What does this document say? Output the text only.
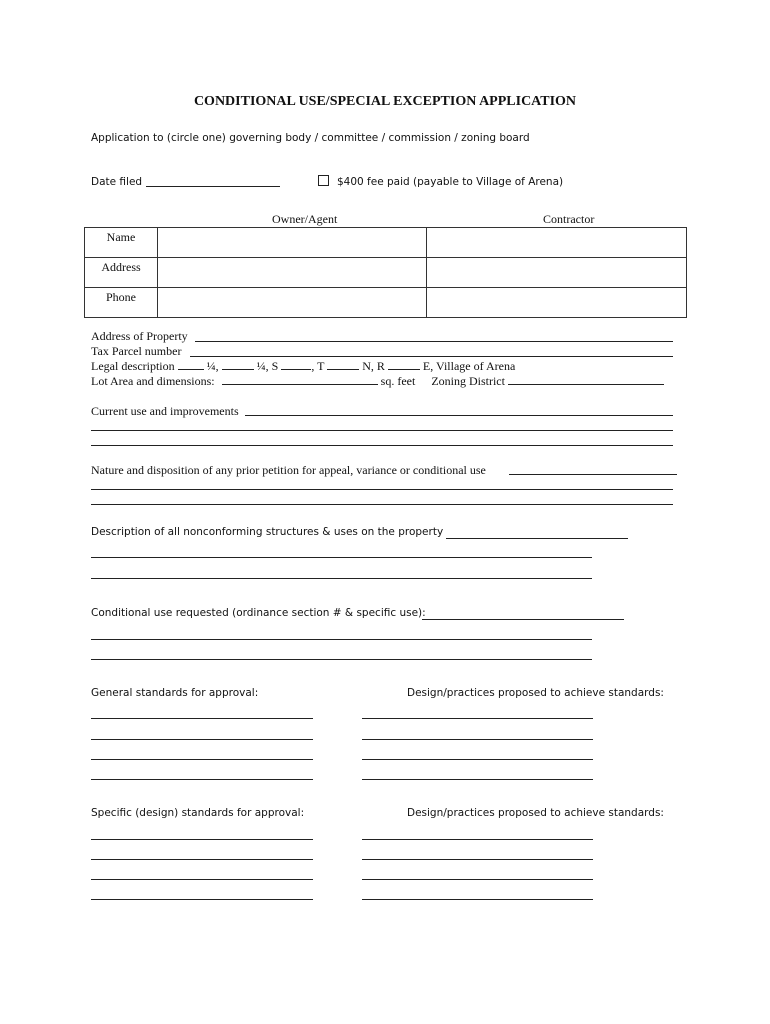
CONDITIONAL USE/SPECIAL EXCEPTION APPLICATION
Application to (circle one) governing body / committee / commission / zoning board
Date filed	$400 fee paid (payable to Village of Arena)
Owner/Agent	Contractor
Name		
Address		
Phone		
Address of Property
Tax Parcel number
Legal description	¼,	¼, S	, T	N, R	E, Village of Arena
Lot Area and dimensions:	sq. feet Zoning District
Current use and improvements
Nature and disposition of any prior petition for appeal, variance or conditional use
Description of all nonconforming structures & uses on the property
Conditional use requested (ordinance section # & specific use):
General standards for approval:	Design/practices proposed to achieve standards:
Specific (design) standards for approval:	Design/practices proposed to achieve standards:
